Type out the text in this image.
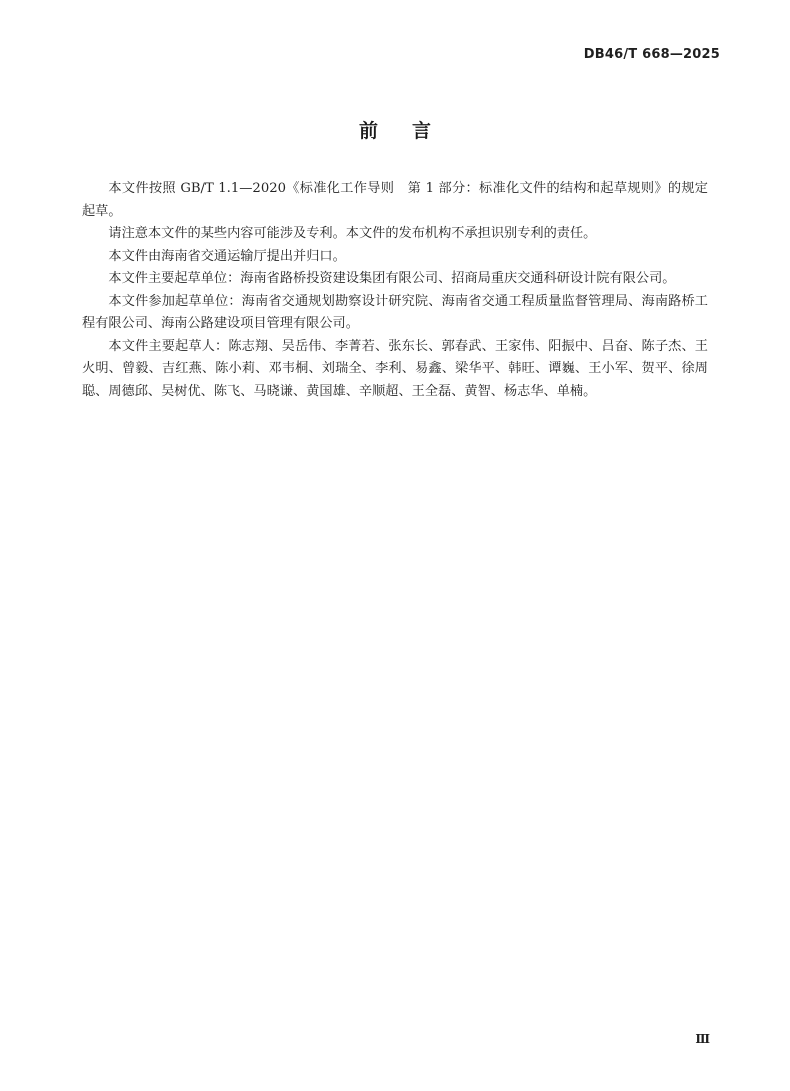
DB46/T 668—2025
前言

本文件按照 GB/T 1.1—2020《标准化工作导则　第 1 部分：标准化文件的结构和起草规则》的规定起草。

请注意本文件的某些内容可能涉及专利。本文件的发布机构不承担识别专利的责任。

本文件由海南省交通运输厅提出并归口。

本文件主要起草单位：海南省路桥投资建设集团有限公司、招商局重庆交通科研设计院有限公司。

本文件参加起草单位：海南省交通规划勘察设计研究院、海南省交通工程质量监督管理局、海南路桥工程有限公司、海南公路建设项目管理有限公司。

本文件主要起草人：陈志翔、吴岳伟、李菁若、张东长、郭春武、王家伟、阳振中、吕奋、陈子杰、王火明、曾毅、吉红燕、陈小莉、邓韦桐、刘瑞全、李利、易鑫、梁华平、韩旺、谭巍、王小军、贺平、徐周聪、周德邱、吴树优、陈飞、马晓谦、黄国雄、辛顺超、王全磊、黄智、杨志华、单楠。

Ⅲ
